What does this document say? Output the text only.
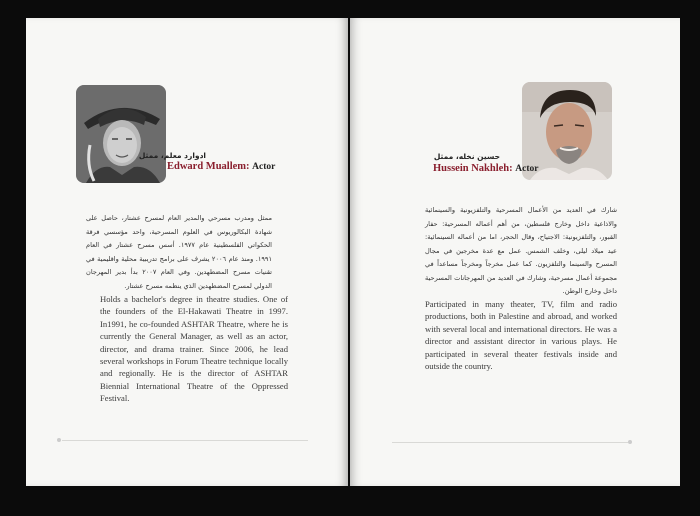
ادوارد معلم، ممثل
Edward Muallem: Actor
ممثل ومدرب مسرحي والمدير العام لمسرح عشتار، حاصل على شهادة البكالوريوس في العلوم المسرحية، واحد مؤسسي فرقة الحكواتي الفلسطينية عام ١٩٧٧. أسس مسرح عشتار في العام ١٩٩١. ومنذ عام ٢٠٠٦ يشرف على برامج تدريبية محلية واقليمية في تقنيات مسرح المضطهدين. وفي العام ٢٠٠٧ بدأ بدير المهرجان الدولي لمسرح المضطهدين الذي ينظمه مسرح عشتار.
Holds a bachelor's degree in theatre studies. One of the founders of the El-Hakawati Theatre in 1997. In1991, he co-founded ASHTAR Theatre, where he is currently the General Manager, as well as an actor, director, and drama trainer. Since 2006, he lead several workshops in Forum Theatre technique locally and regionally. He is the director of ASHTAR Biennial International Theatre of the Oppressed Festival.
حسين نخله، ممثل
Hussein Nakhleh: Actor
شارك في العديد من الأعمال المسرحية والتلفزيونية والسينمائية والاذاعية داخل وخارج فلسطين، من أهم أعماله المسرحية: حفار القبور، والتلفزيونية: الاجتياح، وقال الحجر، اما من أعماله السينمائية: عيد ميلاد ليلى، وخلف الشمس. عمل مع عدة مخرجين في مجال المسرح والسينما والتلفزيون. كما عمل مخرجاً ومخرجاً مساعداً في مجموعة أعمال مسرحية، وشارك في العديد من المهرجانات المسرحية داخل وخارج الوطن.
Participated in many theater, TV, film and radio productions, both in Palestine and abroad, and worked with several local and international directors. He was a director and assistant director in various plays. He participated in several theater festivals inside and outside the country.
